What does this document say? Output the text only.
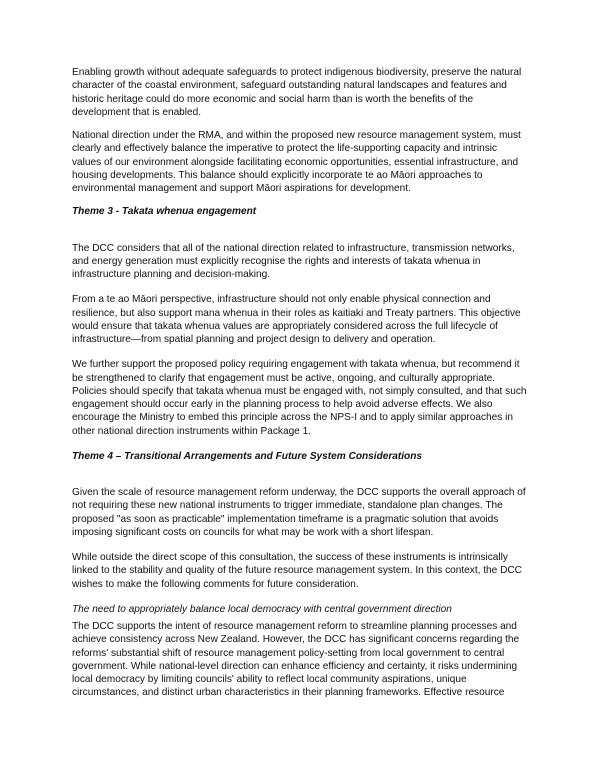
Enabling growth without adequate safeguards to protect indigenous biodiversity, preserve the natural character of the coastal environment, safeguard outstanding natural landscapes and features and historic heritage could do more economic and social harm than is worth the benefits of the development that is enabled.

National direction under the RMA, and within the proposed new resource management system, must clearly and effectively balance the imperative to protect the life-supporting capacity and intrinsic values of our environment alongside facilitating economic opportunities, essential infrastructure, and housing developments. This balance should explicitly incorporate te ao Māori approaches to environmental management and support Māori aspirations for development.

Theme 3 - Takata whenua engagement

The DCC considers that all of the national direction related to infrastructure, transmission networks, and energy generation must explicitly recognise the rights and interests of takata whenua in infrastructure planning and decision-making.

From a te ao Māori perspective, infrastructure should not only enable physical connection and resilience, but also support mana whenua in their roles as kaitiaki and Treaty partners. This objective would ensure that takata whenua values are appropriately considered across the full lifecycle of infrastructure—from spatial planning and project design to delivery and operation.

We further support the proposed policy requiring engagement with takata whenua, but recommend it be strengthened to clarify that engagement must be active, ongoing, and culturally appropriate. Policies should specify that takata whenua must be engaged with, not simply consulted, and that such engagement should occur early in the planning process to help avoid adverse effects. We also encourage the Ministry to embed this principle across the NPS-I and to apply similar approaches in other national direction instruments within Package 1.

Theme 4 – Transitional Arrangements and Future System Considerations

Given the scale of resource management reform underway, the DCC supports the overall approach of not requiring these new national instruments to trigger immediate, standalone plan changes. The proposed "as soon as practicable" implementation timeframe is a pragmatic solution that avoids imposing significant costs on councils for what may be work with a short lifespan.

While outside the direct scope of this consultation, the success of these instruments is intrinsically linked to the stability and quality of the future resource management system. In this context, the DCC wishes to make the following comments for future consideration.

The need to appropriately balance local democracy with central government direction

The DCC supports the intent of resource management reform to streamline planning processes and achieve consistency across New Zealand. However, the DCC has significant concerns regarding the reforms' substantial shift of resource management policy-setting from local government to central government. While national-level direction can enhance efficiency and certainty, it risks undermining local democracy by limiting councils' ability to reflect local community aspirations, unique circumstances, and distinct urban characteristics in their planning frameworks. Effective resource
